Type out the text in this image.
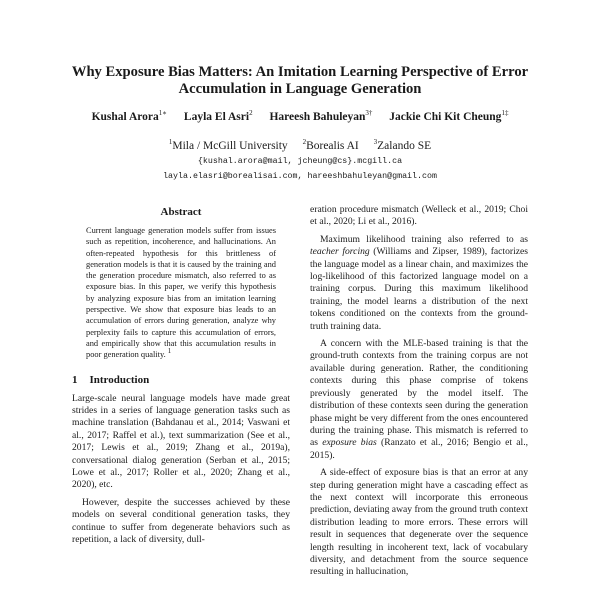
Why Exposure Bias Matters: An Imitation Learning Perspective of Error
Accumulation in Language Generation
Kushal Arora$^{1∗}$ Layla El Asri$^2$ Hareesh Bahuleyan$^{3\dagger}$ Jackie Chi Kit Cheung$^{1\ddagger}$
$^1$Mila / McGill University $^2$Borealis AI $^3$Zalando SE
{kushal.arora@mail, jcheung@cs}.mcgill.ca
layla.elasri@borealisai.com, hareeshbahuleyan@gmail.com
Abstract
Current language generation models suffer from issues such as repetition, incoherence, and hallucinations. An often-repeated hypothesis for this brittleness of generation models is that it is caused by the training and the generation procedure mismatch, also referred to as exposure bias. In this paper, we verify this hypothesis by analyzing exposure bias from an imitation learning perspective. We show that exposure bias leads to an accumulation of errors during generation, analyze why perplexity fails to capture this accumulation of errors, and empirically show that this accumulation results in poor generation quality. $^1$
1 Introduction

Large-scale neural language models have made great strides in a series of language generation tasks such as machine translation (Bahdanau et al., 2014; Vaswani et al., 2017; Raffel et al.), text summarization (See et al., 2017; Lewis et al., 2019; Zhang et al., 2019a), conversational dialog generation (Serban et al., 2015; Lowe et al., 2017; Roller et al., 2020; Zhang et al., 2020), etc.

However, despite the successes achieved by these models on several conditional generation tasks, they continue to suffer from degenerate behaviors such as repetition, a lack of diversity, dull-

eration procedure mismatch (Welleck et al., 2019; Choi et al., 2020; Li et al., 2016).

Maximum likelihood training also referred to as teacher forcing (Williams and Zipser, 1989), factorizes the language model as a linear chain, and maximizes the log-likelihood of this factorized language model on a training corpus. During this maximum likelihood training, the model learns a distribution of the next tokens conditioned on the contexts from the ground-truth training data.

A concern with the MLE-based training is that the ground-truth contexts from the training corpus are not available during generation. Rather, the conditioning contexts during this phase comprise of tokens previously generated by the model itself. The distribution of these contexts seen during the generation phase might be very different from the ones encountered during the training phase. This mismatch is referred to as exposure bias (Ranzato et al., 2016; Bengio et al., 2015).

A side-effect of exposure bias is that an error at any step during generation might have a cascading effect as the next context will incorporate this erroneous prediction, deviating away from the ground truth context distribution leading to more errors. These errors will result in sequences that degenerate over the sequence length resulting in incoherent text, lack of vocabulary diversity, and detachment from the source sequence resulting in hallucination,
